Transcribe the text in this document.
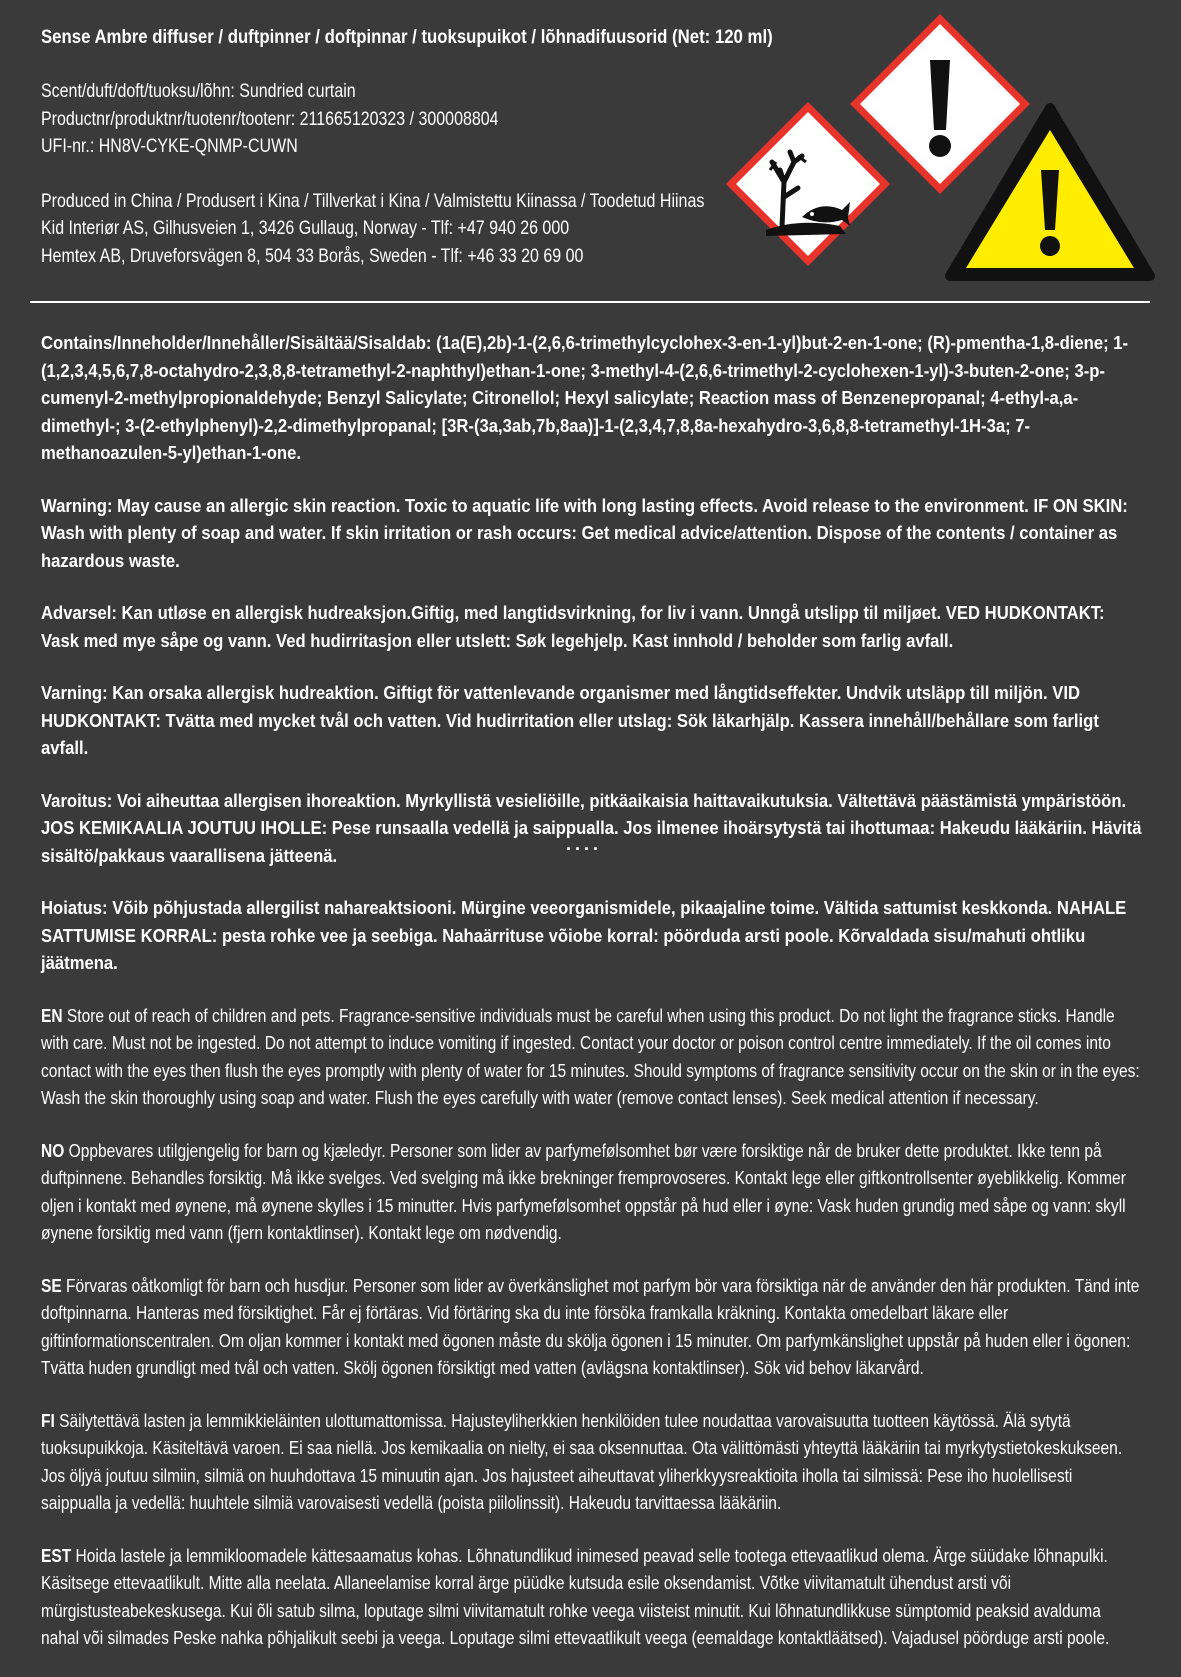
Sense Ambre diffuser / duftpinner / doftpinnar / tuoksupuikot / lõhnadifuusorid (Net: 120 ml)

Scent/duft/doft/tuoksu/lõhn: Sundried curtain

Productnr/produktnr/tuotenr/tootenr: 211665120323 / 300008804

UFI-nr.: HN8V-CYKE-QNMP-CUWN

Produced in China / Produsert i Kina / Tillverkat i Kina / Valmistettu Kiinassa / Toodetud Hiinas

Kid Interiør AS, Gilhusveien 1, 3426 Gullaug, Norway - Tlf: +47 940 26 000

Hemtex AB, Druveforsvägen 8, 504 33 Borås, Sweden - Tlf: +46 33 20 69 00

Contains/Inneholder/Innehåller/Sisältää/Sisaldab: (1a(E),2b)-1-(2,6,6-trimethylcyclohex-3-en-1-yl)but-2-en-1-one; (R)-pmentha-1,8-diene; 1-(1,2,3,4,5,6,7,8-octahydro-2,3,8,8-tetramethyl-2-naphthyl)ethan-1-one; 3-methyl-4-(2,6,6-trimethyl-2-cyclohexen-1-yl)-3-buten-2-one; 3-p-cumenyl-2-methylpropionaldehyde; Benzyl Salicylate; Citronellol; Hexyl salicylate; Reaction mass of Benzenepropanal; 4-ethyl-a,a-dimethyl-; 3-(2-ethylphenyl)-2,2-dimethylpropanal; [3R-(3a,3ab,7b,8aa)]-1-(2,3,4,7,8,8a-hexahydro-3,6,8,8-tetramethyl-1H-3a; 7-methanoazulen-5-yl)ethan-1-one.

Warning: May cause an allergic skin reaction. Toxic to aquatic life with long lasting effects. Avoid release to the environment. IF ON SKIN: Wash with plenty of soap and water. If skin irritation or rash occurs: Get medical advice/attention. Dispose of the contents / container as hazardous waste.

Advarsel: Kan utløse en allergisk hudreaksjon.Giftig, med langtidsvirkning, for liv i vann. Unngå utslipp til miljøet. VED HUDKONTAKT: Vask med mye såpe og vann. Ved hudirritasjon eller utslett: Søk legehjelp. Kast innhold / beholder som farlig avfall.

Varning: Kan orsaka allergisk hudreaktion. Giftigt för vattenlevande organismer med långtidseffekter. Undvik utsläpp till miljön. VID HUDKONTAKT: Tvätta med mycket tvål och vatten. Vid hudirritation eller utslag: Sök läkarhjälp. Kassera innehåll/behållare som farligt avfall.

Varoitus: Voi aiheuttaa allergisen ihoreaktion. Myrkyllistä vesieliöille, pitkäaikaisia haittavaikutuksia. Vältettävä päästämistä ympäristöön. JOS KEMIKAALIA JOUTUU IHOLLE: Pese runsaalla vedellä ja saippualla. Jos ilmenee ihoärsytystä tai ihottumaa: Hakeudu lääkäriin. Hävitä sisältö/pakkaus vaarallisena jätteenä.

Hoiatus: Võib põhjustada allergilist nahareaktsiooni. Mürgine veeorganismidele, pikaajaline toime. Vältida sattumist keskkonda. NAHALE SATTUMISE KORRAL: pesta rohke vee ja seebiga. Nahaärrituse võiobe korral: pöörduda arsti poole. Kõrvaldada sisu/mahuti ohtliku jäätmena.

EN Store out of reach of children and pets. Fragrance-sensitive individuals must be careful when using this product. Do not light the fragrance sticks. Handle with care. Must not be ingested. Do not attempt to induce vomiting if ingested. Contact your doctor or poison control centre immediately. If the oil comes into contact with the eyes then flush the eyes promptly with plenty of water for 15 minutes. Should symptoms of fragrance sensitivity occur on the skin or in the eyes: Wash the skin thoroughly using soap and water. Flush the eyes carefully with water (remove contact lenses). Seek medical attention if necessary.

NO Oppbevares utilgjengelig for barn og kjæledyr. Personer som lider av parfymefølsomhet bør være forsiktige når de bruker dette produktet. Ikke tenn på duftpinnene. Behandles forsiktig. Må ikke svelges. Ved svelging må ikke brekninger fremprovoseres. Kontakt lege eller giftkontrollsenter øyeblikkelig. Kommer oljen i kontakt med øynene, må øynene skylles i 15 minutter. Hvis parfymefølsomhet oppstår på hud eller i øyne: Vask huden grundig med såpe og vann: skyll øynene forsiktig med vann (fjern kontaktlinser). Kontakt lege om nødvendig.

SE Förvaras oåtkomligt för barn och husdjur. Personer som lider av överkänslighet mot parfym bör vara försiktiga när de använder den här produkten. Tänd inte doftpinnarna. Hanteras med försiktighet. Får ej förtäras. Vid förtäring ska du inte försöka framkalla kräkning. Kontakta omedelbart läkare eller giftinformationscentralen. Om oljan kommer i kontakt med ögonen måste du skölja ögonen i 15 minuter. Om parfymkänslighet uppstår på huden eller i ögonen: Tvätta huden grundligt med tvål och vatten. Skölj ögonen försiktigt med vatten (avlägsna kontaktlinser). Sök vid behov läkarvård.

FI Säilytettävä lasten ja lemmikkieläinten ulottumattomissa. Hajusteyliherkkien henkilöiden tulee noudattaa varovaisuutta tuotteen käytössä. Älä sytytä tuoksupuikkoja. Käsiteltävä varoen. Ei saa niellä. Jos kemikaalia on nielty, ei saa oksennuttaa. Ota välittömästi yhteyttä lääkäriin tai myrkytystietokeskukseen. Jos öljyä joutuu silmiin, silmiä on huuhdottava 15 minuutin ajan. Jos hajusteet aiheuttavat yliherkkyysreaktioita iholla tai silmissä: Pese iho huolellisesti saippualla ja vedellä: huuhtele silmiä varovaisesti vedellä (poista piilolinssit). Hakeudu tarvittaessa lääkäriin.

EST Hoida lastele ja lemmikloomadele kättesaamatus kohas. Lõhnatundlikud inimesed peavad selle tootega ettevaatlikud olema. Ärge süüdake lõhnapulki. Käsitsege ettevaatlikult. Mitte alla neelata. Allaneelamise korral ärge püüdke kutsuda esile oksendamist. Võtke viivitamatult ühendust arsti või mürgistusteabekeskusega. Kui õli satub silma, loputage silmi viivitamatult rohke veega viisteist minutit. Kui lõhnatundlikkuse sümptomid peaksid avalduma nahal või silmades Peske nahka põhjalikult seebi ja veega. Loputage silmi ettevaatlikult veega (eemaldage kontaktläätsed). Vajadusel pöörduge arsti poole.

....
